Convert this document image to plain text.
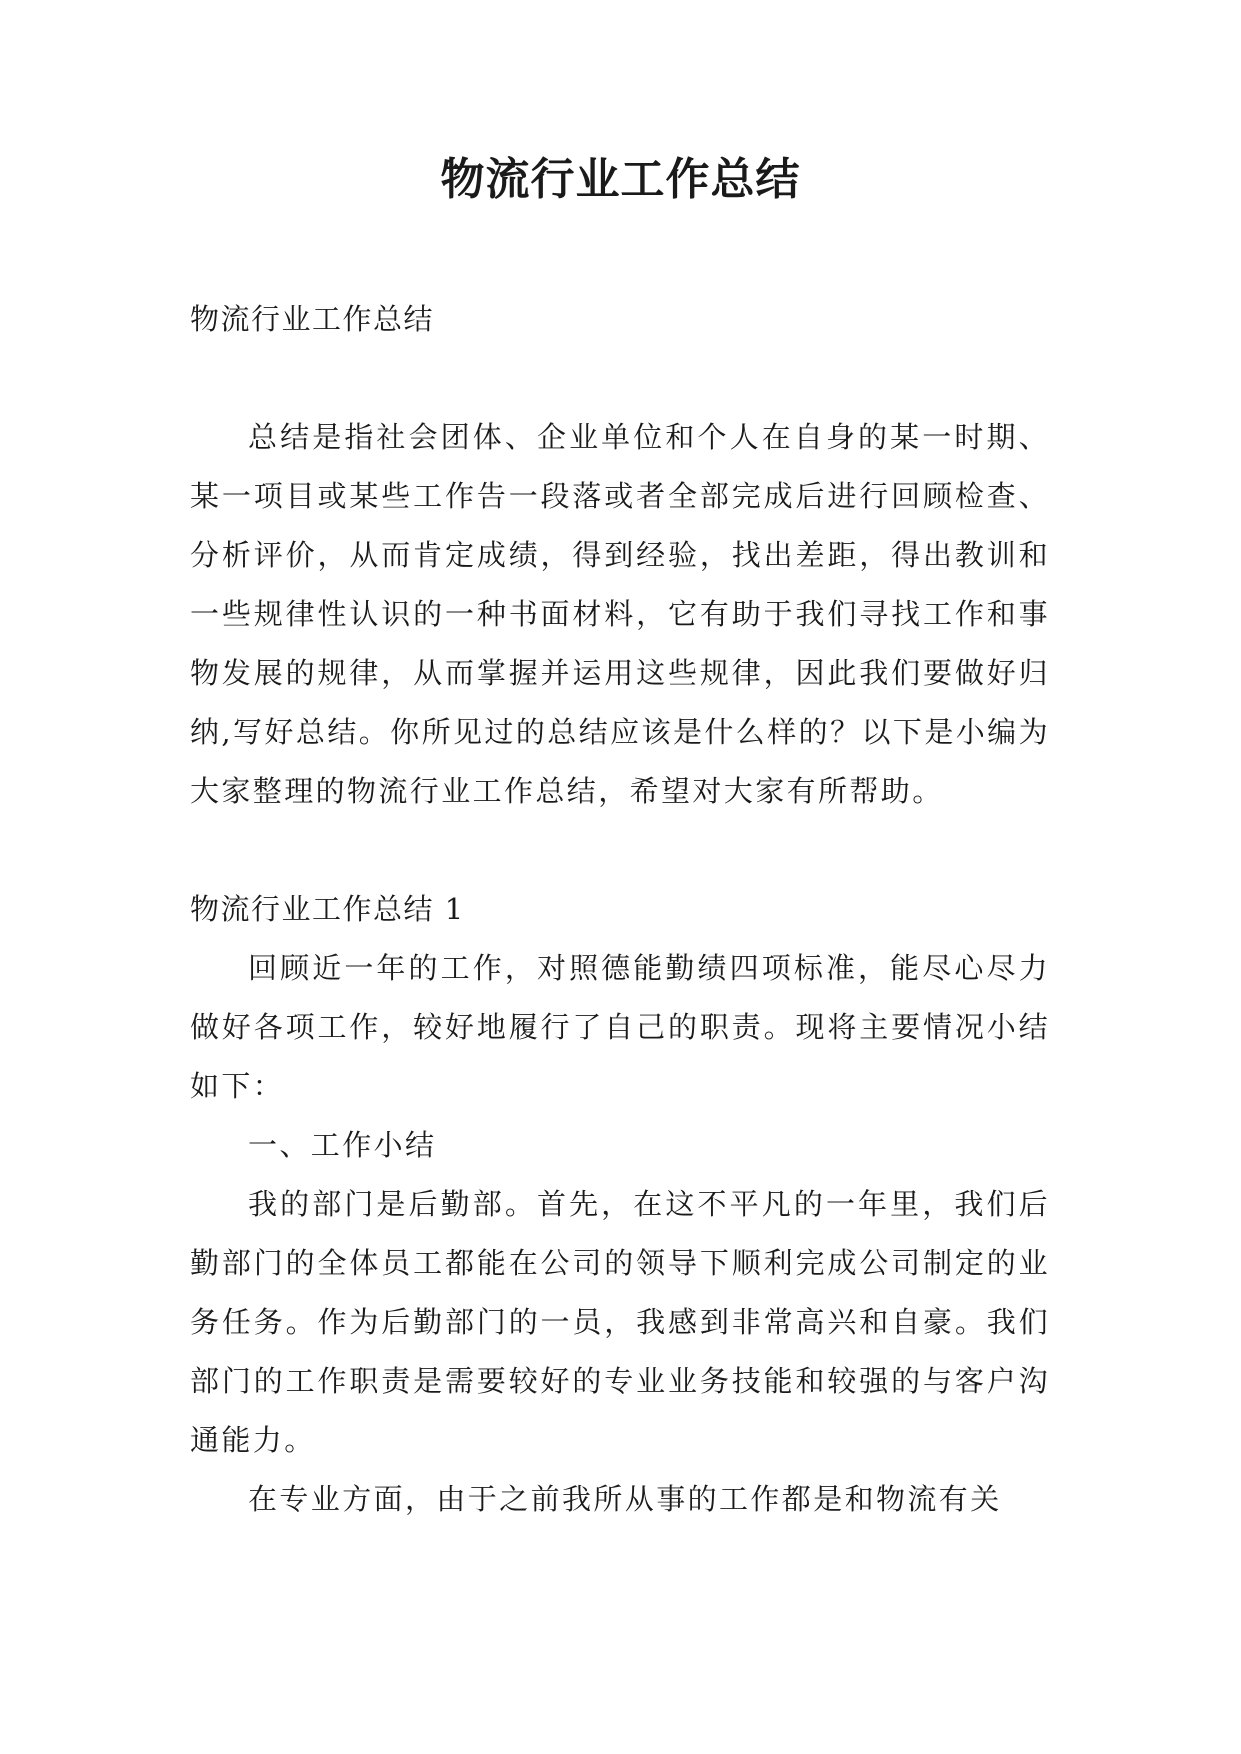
物流行业工作总结

物流行业工作总结

总结是指社会团体、企业单位和个人在自身的某一时期、某一项目或某些工作告一段落或者全部完成后进行回顾检查、分析评价，从而肯定成绩，得到经验，找出差距，得出教训和一些规律性认识的一种书面材料，它有助于我们寻找工作和事物发展的规律，从而掌握并运用这些规律，因此我们要做好归纳,写好总结。你所见过的总结应该是什么样的？以下是小编为大家整理的物流行业工作总结，希望对大家有所帮助。

物流行业工作总结 1

回顾近一年的工作，对照德能勤绩四项标准，能尽心尽力做好各项工作，较好地履行了自己的职责。现将主要情况小结如下：

一、工作小结

我的部门是后勤部。首先，在这不平凡的一年里，我们后勤部门的全体员工都能在公司的领导下顺利完成公司制定的业务任务。作为后勤部门的一员，我感到非常高兴和自豪。我们部门的工作职责是需要较好的专业业务技能和较强的与客户沟通能力。

在专业方面，由于之前我所从事的工作都是和物流有关
